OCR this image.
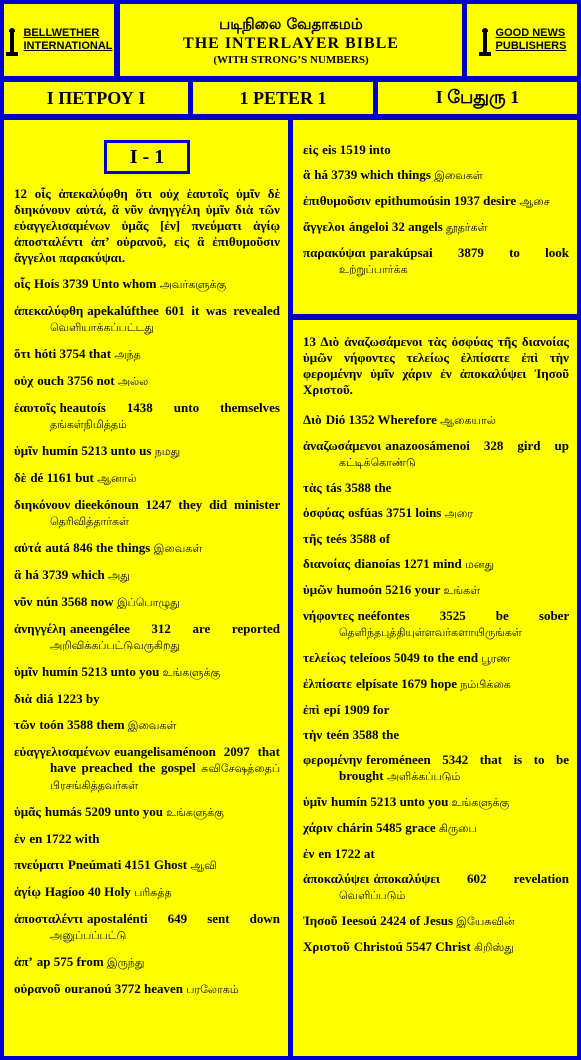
BELLWETHER
INTERNATIONAL
படிநிலை வேதாகமம்
THE INTERLAYER BIBLE
(WITH STRONG’S NUMBERS)
GOOD NEWS
PUBLISHERS
Ι ΠΕΤΡΟΥ Ι	1 PETER 1	I பேதுரு 1
I - 1

12 οἷς ἀπεκαλύφθη ὅτι οὐχ ἑαυτοῖς ὑμῖν δὲ διηκόνουν αὐτά, ἃ νῦν ἀνηγγέλη ὑμῖν διὰ τῶν εὐαγγελισαμένων ὑμᾶς [ἐν] πνεύματι ἁγίῳ ἀποσταλέντι ἀπ’ οὐρανοῦ, εἰς ἃ ἐπιθυμοῦσιν ἄγγελοι παρακύψαι.

οἷς Hoís 3739 Unto whom அவர்களுக்கு
ἀπεκαλύφθη apekalúfthee 601 it was revealed வெளியாக்கப்பட்டது
ὅτι hóti 3754 that அந்த
οὐχ ouch 3756 not அல்ல
ἑαυτοῖς heautoís 1438 unto themselves தங்கள்நிமித்தம்
ὑμῖν humín 5213 unto us நமது
δὲ dé 1161 but ஆனால்
διηκόνουν dieekónoun 1247 they did minister தெரிவித்தார்கள்
αὐτά autá 846 the things இவைகள்
ἃ há 3739 which அது
νῦν nún 3568 now இப்பொழுது
ἀνηγγέλη aneengélee 312 are reported அறிவிக்கப்பட்டுவருகிறது
ὑμῖν humín 5213 unto you உங்களுக்கு
διὰ diá 1223 by
τῶν toón 3588 them இவைகள்
εὐαγγελισαμένων euangelisaménoon 2097 that have preached the gospel சுவிசேஷத்தைப் பிரசங்கித்தவர்கள்
ὑμᾶς humás 5209 unto you உங்களுக்கு
ἐν en 1722 with
πνεύματι Pneúmati 4151 Ghost ஆவி
ἁγίῳ Hagíoo 40 Holy பரிசுத்த
ἀποσταλέντι apostalénti 649 sent down அனுப்பப்பட்டு
ἀπ’ ap 575 from இருந்து
οὐρανοῦ ouranoú 3772 heaven பரலோகம்
εἰς eis 1519 into
ἃ há 3739 which things இவைகள்
ἐπιθυμοῦσιν epithumoúsin 1937 desire ஆசை
ἄγγελοι ángeloi 32 angels தூதர்கள்
παρακύψαι parakúpsai 3879 to look உற்றுப்பார்க்க

13 Διὸ ἀναζωσάμενοι τὰς ὀσφύας τῆς διανοίας ὑμῶν νήφοντες τελείως ἐλπίσατε ἐπὶ τὴν φερομένην ὑμῖν χάριν ἐν ἀποκαλύψει Ἰησοῦ Χριστοῦ.

Διὸ Dió 1352 Wherefore ஆகையால்
ἀναζωσάμενοι anazoosámenoi 328 gird up கட்டிக்கொண்டு
τὰς tás 3588 the
ὀσφύας osfúas 3751 loins அரை
τῆς teés 3588 of
διανοίας dianoías 1271 mind மனது
ὑμῶν humoón 5216 your உங்கள்
νήφοντες neéfontes 3525 be sober தெளிந்தபுத்தியுள்ளவர்களாயிருங்கள்
τελείως teleíoos 5049 to the end பூரண
ἐλπίσατε elpísate 1679 hope நம்பிக்கை
ἐπὶ epí 1909 for
τὴν teén 3588 the
φερομένην feroméneen 5342 that is to be brought அளிக்கப்படும்
ὑμῖν humín 5213 unto you உங்களுக்கு
χάριν chárin 5485 grace கிருபை
ἐν en 1722 at
ἀποκαλύψει ἀποκαλύψει 602 revelation வெளிப்படும்
Ἰησοῦ Ieesoú 2424 of Jesus இயேசுவின்
Χριστοῦ Christoú 5547 Christ கிறிஸ்து
